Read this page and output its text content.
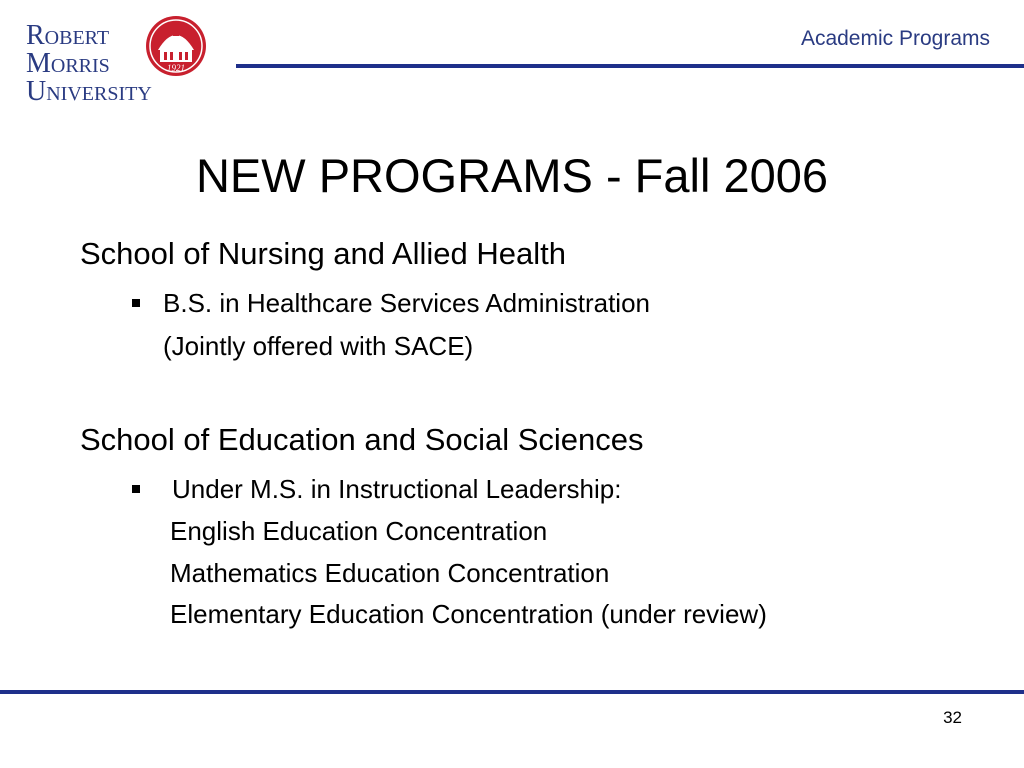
Robert
Morris
University
1921
Academic Programs
NEW PROGRAMS - Fall 2006
School of Nursing and Allied Health
B.S. in Healthcare Services Administration
(Jointly offered with SACE)
School of Education and Social Sciences
Under M.S. in Instructional Leadership:
English Education Concentration
Mathematics Education Concentration
Elementary Education Concentration (under review)
32
